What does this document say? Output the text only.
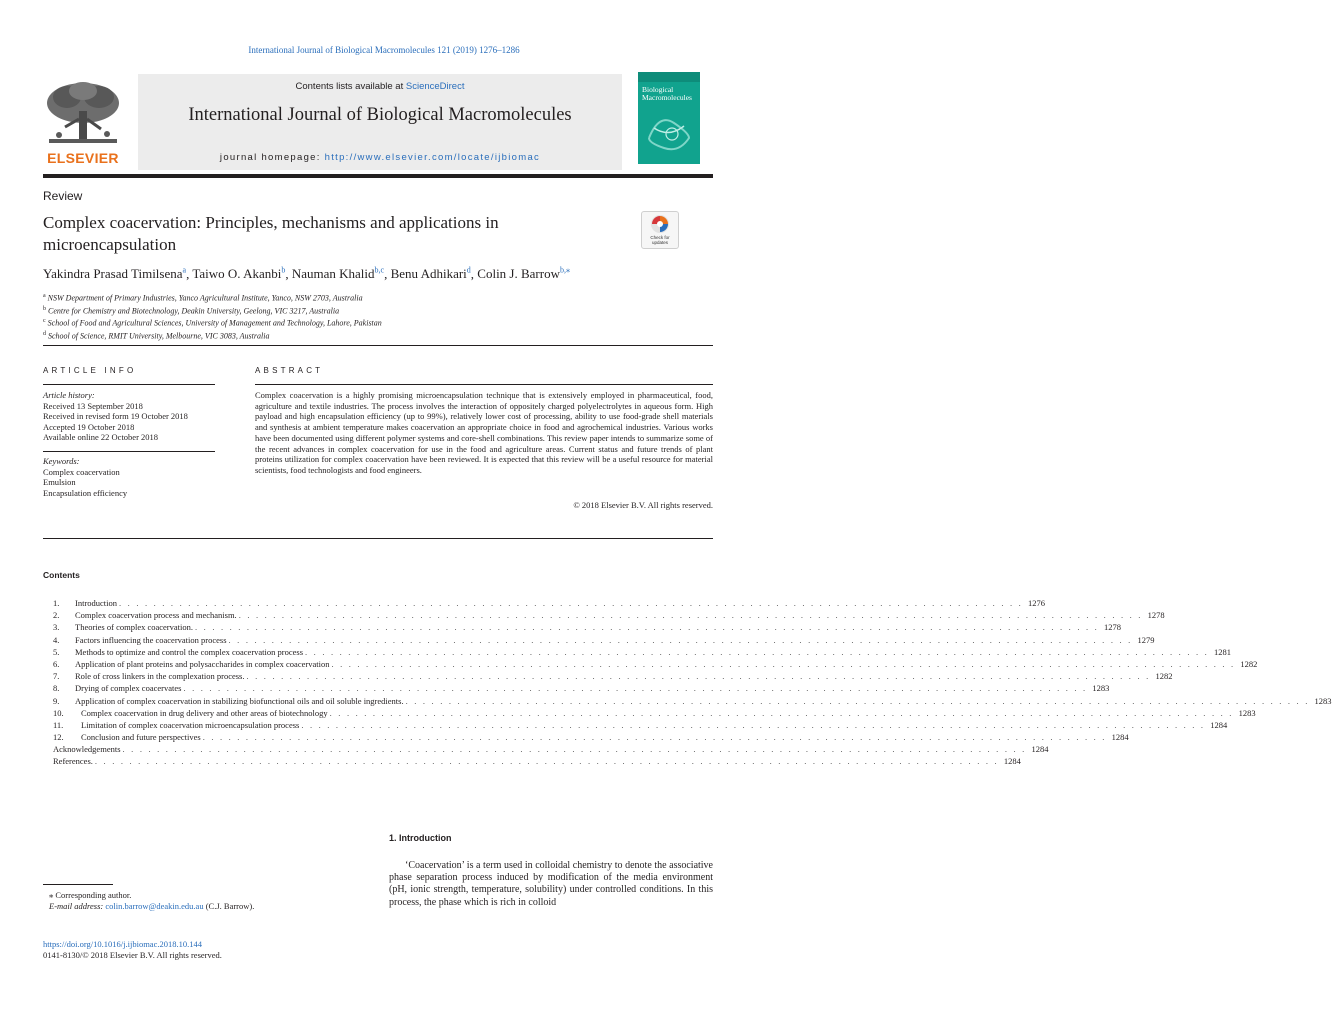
International Journal of Biological Macromolecules 121 (2019) 1276–1286
ELSEVIER
Contents lists available at ScienceDirect
International Journal of Biological Macromolecules
journal homepage: http://www.elsevier.com/locate/ijbiomac
Biological Macromolecules
Review
Complex coacervation: Principles, mechanisms and applications in microencapsulation	Check for updates
Yakindra Prasad Timilsena$^a$, Taiwo O. Akanbi$^b$, Nauman Khalid$^{b,c}$, Benu Adhikari$^d$, Colin J. Barrow$^{b,⁎}$
$^a$ NSW Department of Primary Industries, Yanco Agricultural Institute, Yanco, NSW 2703, Australia
$^b$ Centre for Chemistry and Biotechnology, Deakin University, Geelong, VIC 3217, Australia
$^c$ School of Food and Agricultural Sciences, University of Management and Technology, Lahore, Pakistan
$^d$ School of Science, RMIT University, Melbourne, VIC 3083, Australia
ARTICLE INFO
Article history:
Received 13 September 2018
Received in revised form 19 October 2018
Accepted 19 October 2018
Available online 22 October 2018
Keywords:
Complex coacervation
Emulsion
Encapsulation efficiency
ABSTRACT
Complex coacervation is a highly promising microencapsulation technique that is extensively employed in pharmaceutical, food, agriculture and textile industries. The process involves the interaction of oppositely charged polyelectrolytes in aqueous form. High payload and high encapsulation efficiency (up to 99%), relatively lower cost of processing, ability to use food-grade shell materials and synthesis at ambient temperature makes coacervation an appropriate choice in food and agrochemical industries. Various works have been documented using different polymer systems and core-shell combinations. This review paper intends to summarize some of the recent advances in complex coacervation for use in the food and agriculture areas. Current status and future trends of plant proteins utilization for complex coacervation have been reviewed. It is expected that this review will be a useful resource for material scientists, food technologists and food engineers.
© 2018 Elsevier B.V. All rights reserved.
Contents
1.	Introduction . . . . . . . . . . . . . . . . . . . . . . . . . . . . . . . . . . . . . . . . . . . . . . . . . . . . . . . . . . . . . . . . . . . . . . . . . . . . . . . . . . . . . . . . . . . . . . . . . . . . . . . . . 1276
2.	Complex coacervation process and mechanism. . . . . . . . . . . . . . . . . . . . . . . . . . . . . . . . . . . . . . . . . . . . . . . . . . . . . . . . . . . . . . . . . . . . . . . . . . . . . . . . . . . . . . . . . . . . . . . . . . . . . . . . . . 1278
3.	Theories of complex coacervation. . . . . . . . . . . . . . . . . . . . . . . . . . . . . . . . . . . . . . . . . . . . . . . . . . . . . . . . . . . . . . . . . . . . . . . . . . . . . . . . . . . . . . . . . . . . . . . . . . . . . . . . . . 1278
4.	Factors influencing the coacervation process . . . . . . . . . . . . . . . . . . . . . . . . . . . . . . . . . . . . . . . . . . . . . . . . . . . . . . . . . . . . . . . . . . . . . . . . . . . . . . . . . . . . . . . . . . . . . . . . . . . . . . . . . 1279
5.	Methods to optimize and control the complex coacervation process . . . . . . . . . . . . . . . . . . . . . . . . . . . . . . . . . . . . . . . . . . . . . . . . . . . . . . . . . . . . . . . . . . . . . . . . . . . . . . . . . . . . . . . . . . . . . . . . . . . . . . . . . 1281
6.	Application of plant proteins and polysaccharides in complex coacervation . . . . . . . . . . . . . . . . . . . . . . . . . . . . . . . . . . . . . . . . . . . . . . . . . . . . . . . . . . . . . . . . . . . . . . . . . . . . . . . . . . . . . . . . . . . . . . . . . . . . . . . . . 1282
7.	Role of cross linkers in the complexation process. . . . . . . . . . . . . . . . . . . . . . . . . . . . . . . . . . . . . . . . . . . . . . . . . . . . . . . . . . . . . . . . . . . . . . . . . . . . . . . . . . . . . . . . . . . . . . . . . . . . . . . . . . 1282
8.	Drying of complex coacervates . . . . . . . . . . . . . . . . . . . . . . . . . . . . . . . . . . . . . . . . . . . . . . . . . . . . . . . . . . . . . . . . . . . . . . . . . . . . . . . . . . . . . . . . . . . . . . . . . . . . . . . . . 1283
9.	Application of complex coacervation in stabilizing biofunctional oils and oil soluble ingredients. . . . . . . . . . . . . . . . . . . . . . . . . . . . . . . . . . . . . . . . . . . . . . . . . . . . . . . . . . . . . . . . . . . . . . . . . . . . . . . . . . . . . . . . . . . . . . . . . . . . . . . . . . 1283
10.	Complex coacervation in drug delivery and other areas of biotechnology . . . . . . . . . . . . . . . . . . . . . . . . . . . . . . . . . . . . . . . . . . . . . . . . . . . . . . . . . . . . . . . . . . . . . . . . . . . . . . . . . . . . . . . . . . . . . . . . . . . . . . . . . 1283
11.	Limitation of complex coacervation microencapsulation process . . . . . . . . . . . . . . . . . . . . . . . . . . . . . . . . . . . . . . . . . . . . . . . . . . . . . . . . . . . . . . . . . . . . . . . . . . . . . . . . . . . . . . . . . . . . . . . . . . . . . . . . . 1284
12.	Conclusion and future perspectives . . . . . . . . . . . . . . . . . . . . . . . . . . . . . . . . . . . . . . . . . . . . . . . . . . . . . . . . . . . . . . . . . . . . . . . . . . . . . . . . . . . . . . . . . . . . . . . . . . . . . . . . . 1284
Acknowledgements . . . . . . . . . . . . . . . . . . . . . . . . . . . . . . . . . . . . . . . . . . . . . . . . . . . . . . . . . . . . . . . . . . . . . . . . . . . . . . . . . . . . . . . . . . . . . . . . . . . . . . . . . 1284
References. . . . . . . . . . . . . . . . . . . . . . . . . . . . . . . . . . . . . . . . . . . . . . . . . . . . . . . . . . . . . . . . . . . . . . . . . . . . . . . . . . . . . . . . . . . . . . . . . . . . . . . . . . 1284
1. Introduction
‘Coacervation’ is a term used in colloidal chemistry to denote the associative phase separation process induced by modification of the media environment (pH, ionic strength, temperature, solubility) under controlled conditions. In this process, the phase which is rich in colloid
⁎ Corresponding author.
E-mail address: colin.barrow@deakin.edu.au (C.J. Barrow).
https://doi.org/10.1016/j.ijbiomac.2018.10.144
0141-8130/© 2018 Elsevier B.V. All rights reserved.
